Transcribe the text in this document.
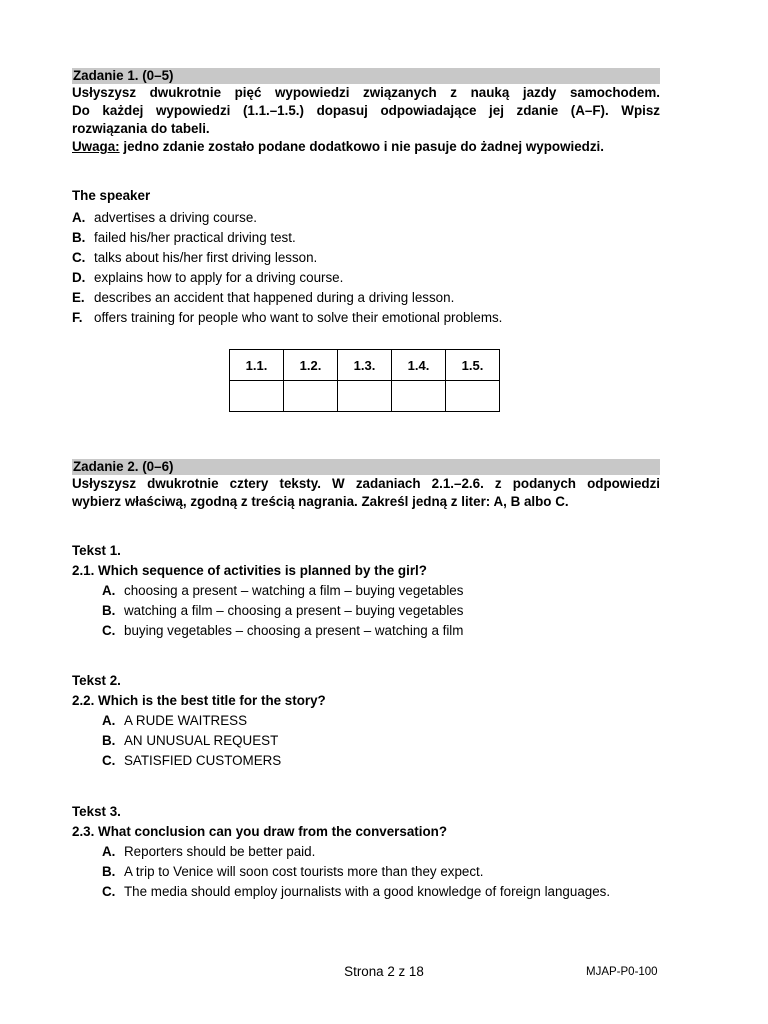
Zadanie 1. (0–5)
Usłyszysz dwukrotnie pięć wypowiedzi związanych z nauką jazdy samochodem.
Do każdej wypowiedzi (1.1.–1.5.) dopasuj odpowiadające jej zdanie (A–F). Wpisz
rozwiązania do tabeli.
Uwaga: jedno zdanie zostało podane dodatkowo i nie pasuje do żadnej wypowiedzi.
The speaker
A. advertises a driving course.
B. failed his/her practical driving test.
C. talks about his/her first driving lesson.
D. explains how to apply for a driving course.
E. describes an accident that happened during a driving lesson.
F. offers training for people who want to solve their emotional problems.
1.1.	1.2.	1.3.	1.4.	1.5.

Zadanie 2. (0–6)
Usłyszysz dwukrotnie cztery teksty. W zadaniach 2.1.–2.6. z podanych odpowiedzi
wybierz właściwą, zgodną z treścią nagrania. Zakreśl jedną z liter: A, B albo C.
Tekst 1.
2.1. Which sequence of activities is planned by the girl?
A. choosing a present – watching a film – buying vegetables
B. watching a film – choosing a present – buying vegetables
C. buying vegetables – choosing a present – watching a film
Tekst 2.
2.2. Which is the best title for the story?
A. A RUDE WAITRESS
B. AN UNUSUAL REQUEST
C. SATISFIED CUSTOMERS
Tekst 3.
2.3. What conclusion can you draw from the conversation?
A. Reporters should be better paid.
B. A trip to Venice will soon cost tourists more than they expect.
C. The media should employ journalists with a good knowledge of foreign languages.
Strona 2 z 18	MJAP-P0-100
